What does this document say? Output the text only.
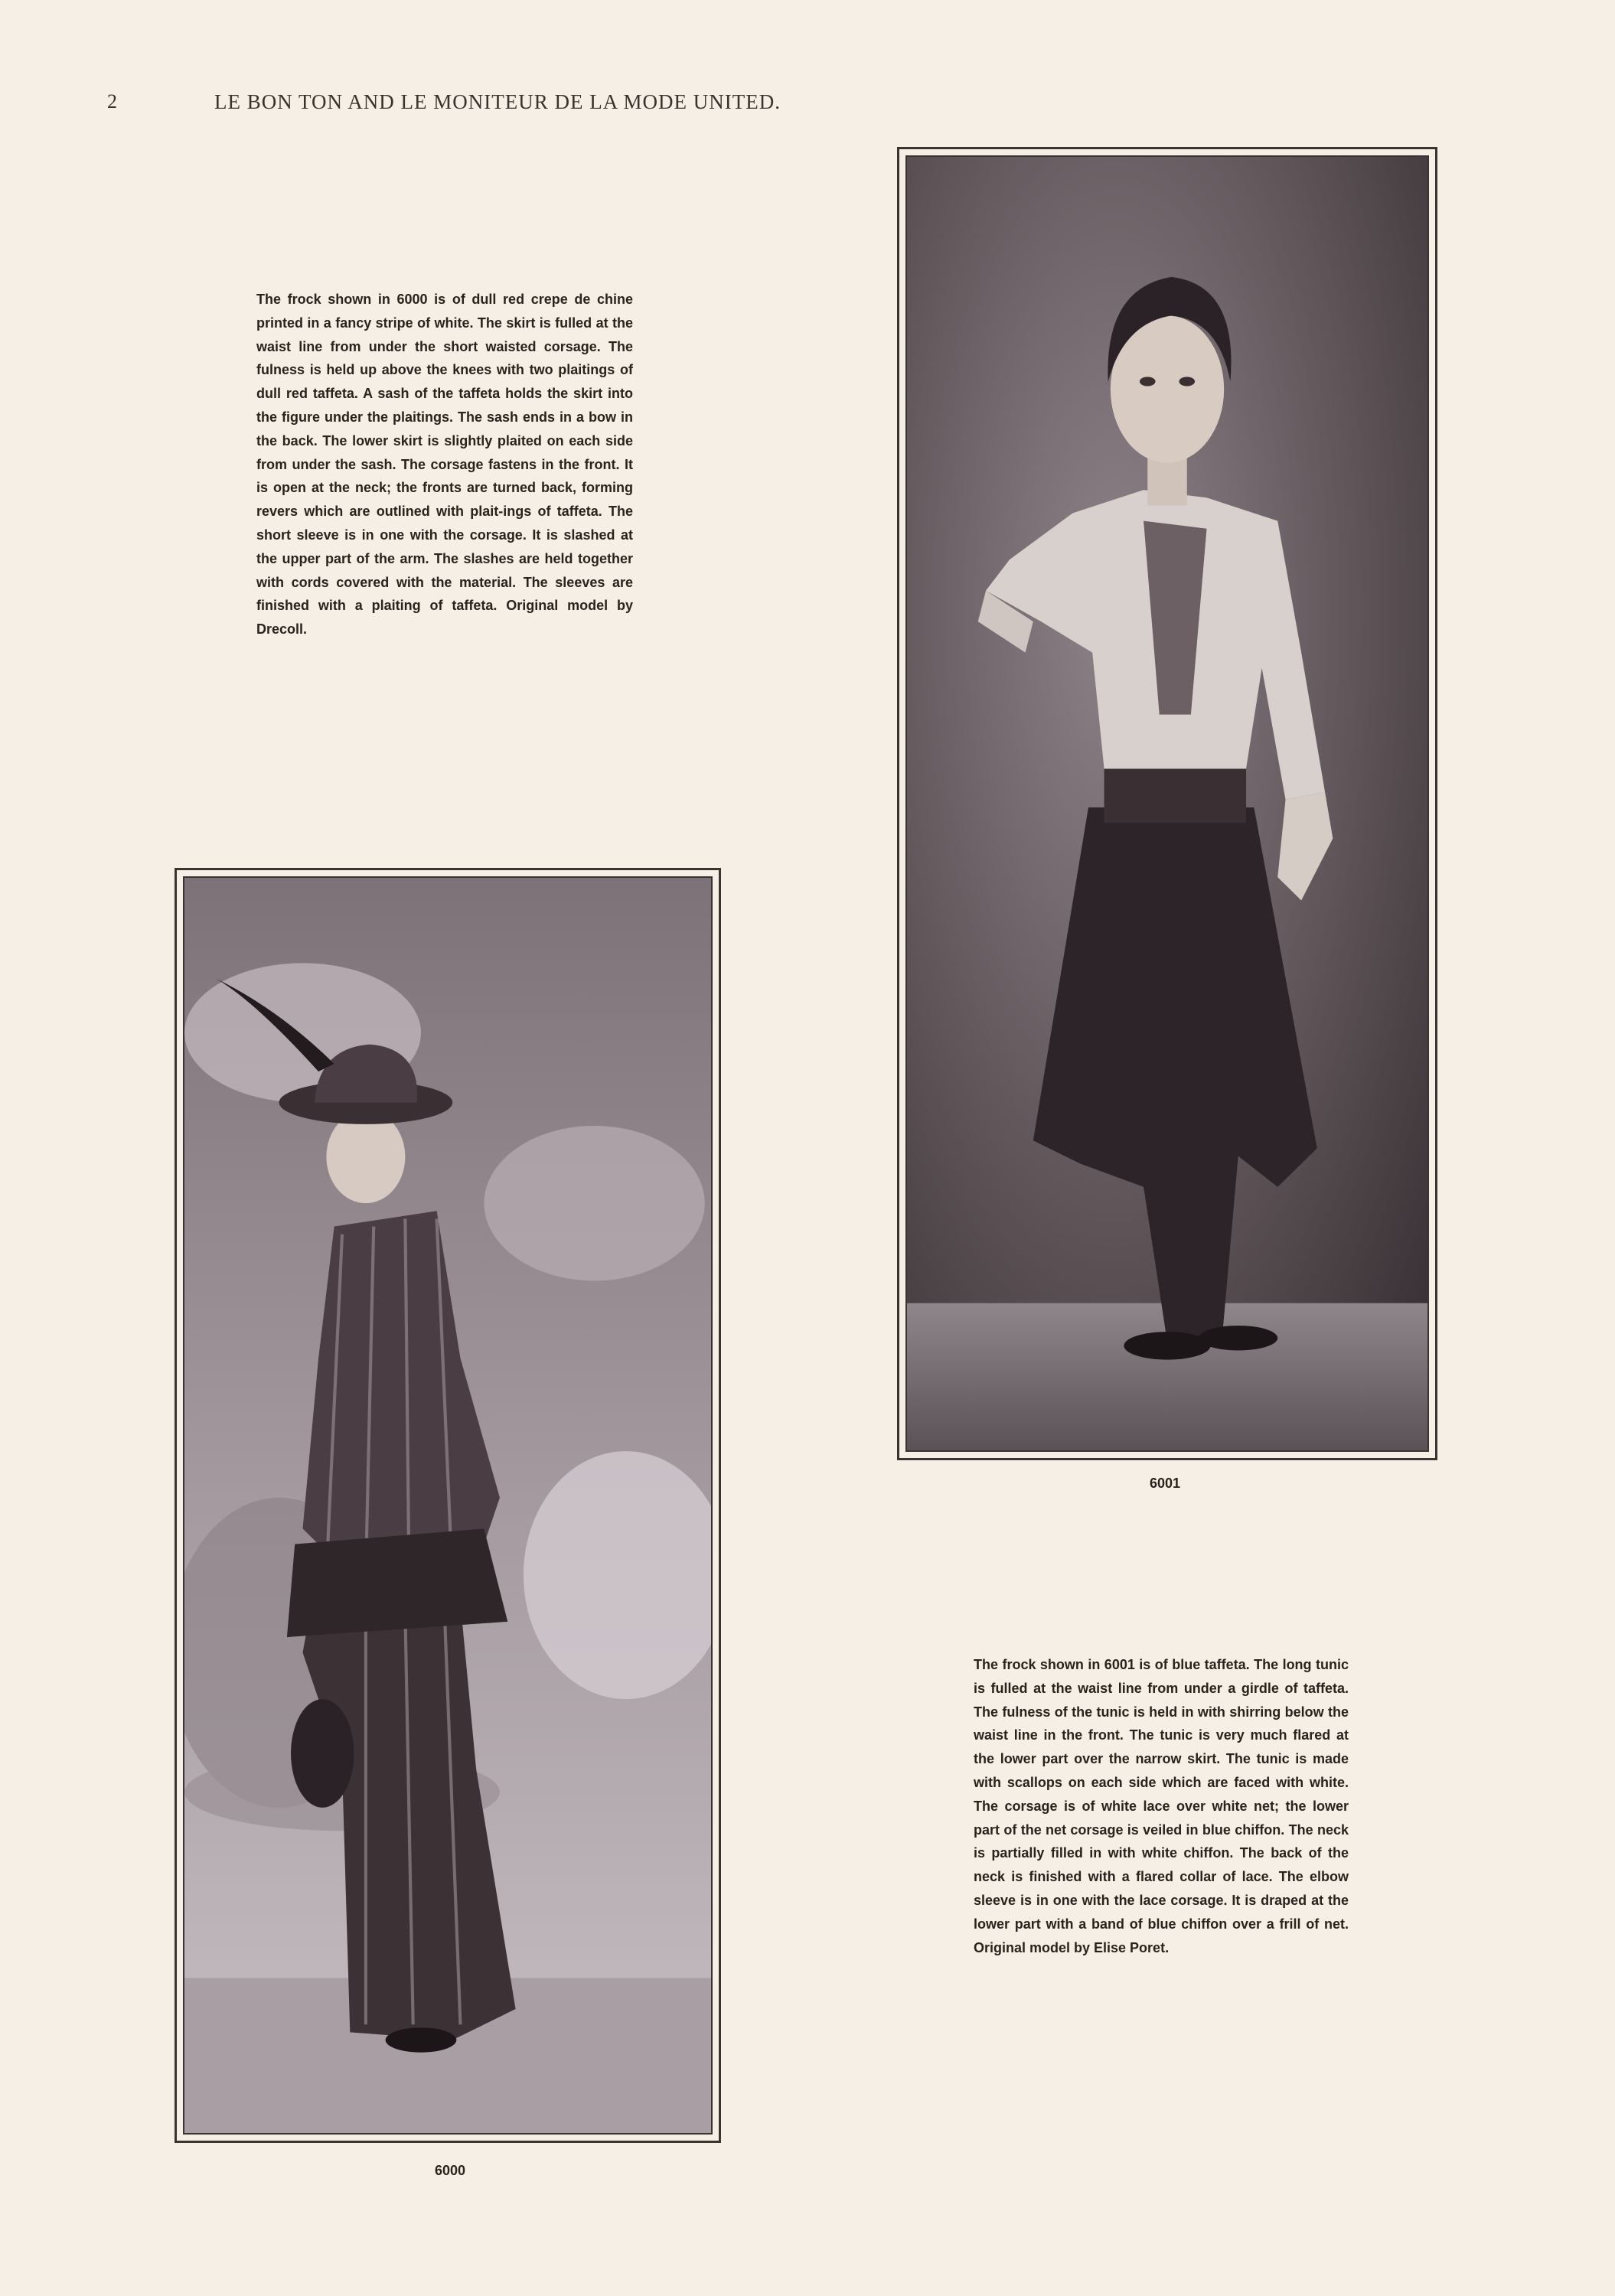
2	LE BON TON AND LE MONITEUR DE LA MODE UNITED.
The frock shown in 6000 is of dull red crepe de chine printed in a fancy stripe of white. The skirt is fulled at the waist line from under the short waisted corsage. The fulness is held up above the knees with two plaitings of dull red taffeta. A sash of the taffeta holds the skirt into the figure under the plaitings. The sash ends in a bow in the back. The lower skirt is slightly plaited on each side from under the sash. The corsage fastens in the front. It is open at the neck; the fronts are turned back, forming revers which are outlined with plait-ings of taffeta. The short sleeve is in one with the corsage. It is slashed at the upper part of the arm. The slashes are held together with cords covered with the material. The sleeves are finished with a plaiting of taffeta. Original model by Drecoll.
6001
6000
The frock shown in 6001 is of blue taffeta. The long tunic is fulled at the waist line from under a girdle of taffeta. The fulness of the tunic is held in with shirring below the waist line in the front. The tunic is very much flared at the lower part over the narrow skirt. The tunic is made with scallops on each side which are faced with white. The corsage is of white lace over white net; the lower part of the net corsage is veiled in blue chiffon. The neck is partially filled in with white chiffon. The back of the neck is finished with a flared collar of lace. The elbow sleeve is in one with the lace corsage. It is draped at the lower part with a band of blue chiffon over a frill of net. Original model by Elise Poret.
